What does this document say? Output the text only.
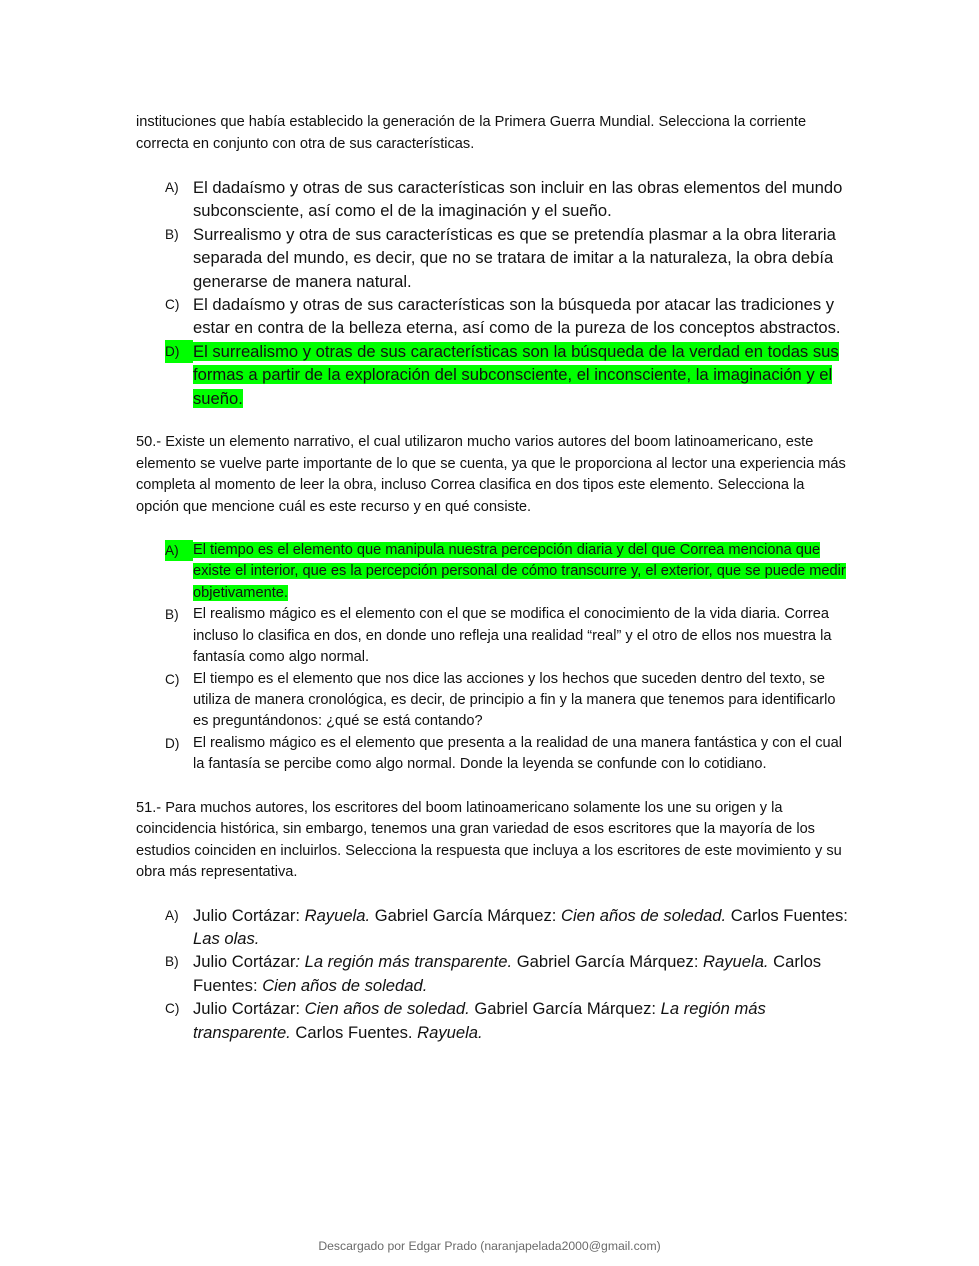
instituciones que había establecido la generación de la Primera Guerra Mundial. Selecciona la corriente correcta en conjunto con otra de sus características.

A) El dadaísmo y otras de sus características son incluir en las obras elementos del mundo subconsciente, así como el de la imaginación y el sueño.
B) Surrealismo y otra de sus características es que se pretendía plasmar a la obra literaria separada del mundo, es decir, que no se tratara de imitar a la naturaleza, la obra debía generarse de manera natural.
C) El dadaísmo y otras de sus características son la búsqueda por atacar las tradiciones y estar en contra de la belleza eterna, así como de la pureza de los conceptos abstractos.
D) El surrealismo y otras de sus características son la búsqueda de la verdad en todas sus formas a partir de la exploración del subconsciente, el inconsciente, la imaginación y el sueño.

50.- Existe un elemento narrativo, el cual utilizaron mucho varios autores del boom latinoamericano, este elemento se vuelve parte importante de lo que se cuenta, ya que le proporciona al lector una experiencia más completa al momento de leer la obra, incluso Correa clasifica en dos tipos este elemento. Selecciona la opción que mencione cuál es este recurso y en qué consiste.

A) El tiempo es el elemento que manipula nuestra percepción diaria y del que Correa menciona que existe el interior, que es la percepción personal de cómo transcurre y, el exterior, que se puede medir objetivamente.
B) El realismo mágico es el elemento con el que se modifica el conocimiento de la vida diaria. Correa incluso lo clasifica en dos, en donde uno refleja una realidad “real” y el otro de ellos nos muestra la fantasía como algo normal.
C) El tiempo es el elemento que nos dice las acciones y los hechos que suceden dentro del texto, se utiliza de manera cronológica, es decir, de principio a fin y la manera que tenemos para identificarlo es preguntándonos: ¿qué se está contando?
D) El realismo mágico es el elemento que presenta a la realidad de una manera fantástica y con el cual la fantasía se percibe como algo normal. Donde la leyenda se confunde con lo cotidiano.

51.- Para muchos autores, los escritores del boom latinoamericano solamente los une su origen y la coincidencia histórica, sin embargo, tenemos una gran variedad de esos escritores que la mayoría de los estudios coinciden en incluirlos. Selecciona la respuesta que incluya a los escritores de este movimiento y su obra más representativa.

A) Julio Cortázar: Rayuela. Gabriel García Márquez: Cien años de soledad. Carlos Fuentes: Las olas.
B) Julio Cortázar: La región más transparente. Gabriel García Márquez: Rayuela. Carlos Fuentes: Cien años de soledad.
C) Julio Cortázar: Cien años de soledad. Gabriel García Márquez: La región más transparente. Carlos Fuentes. Rayuela.
Descargado por Edgar Prado (naranjapelada2000@gmail.com)
